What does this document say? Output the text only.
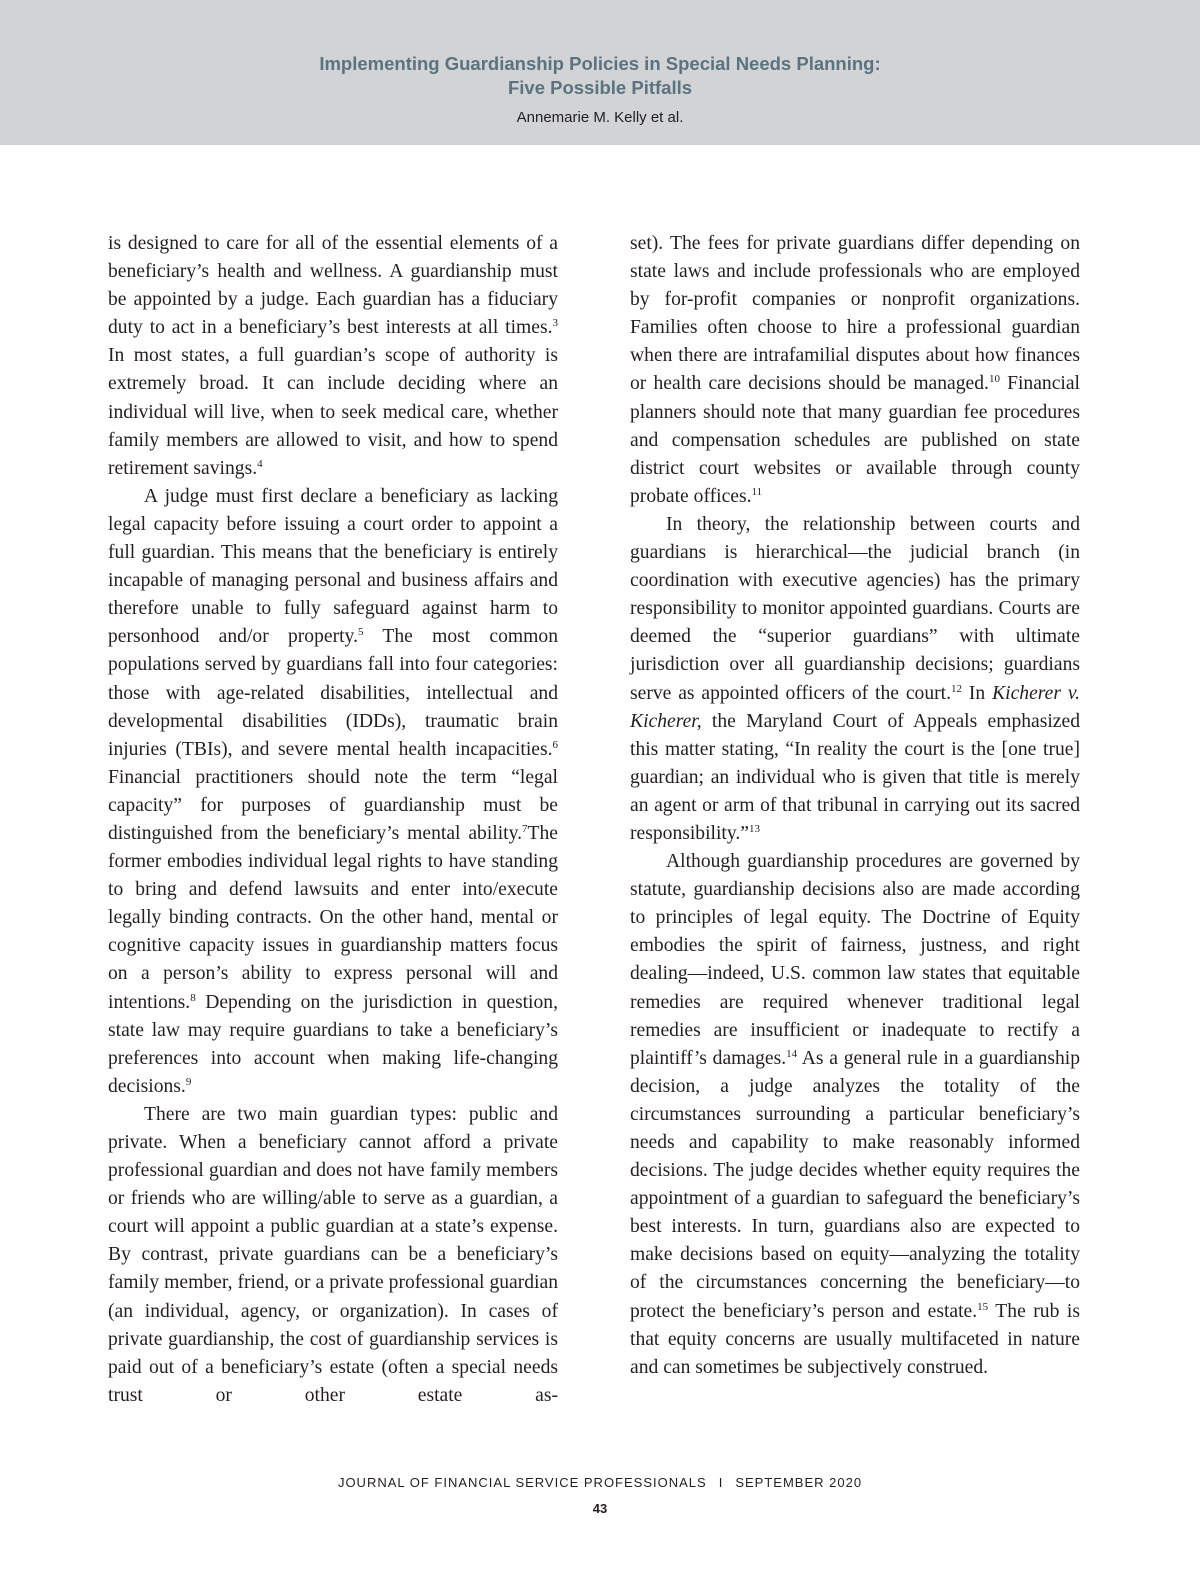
Implementing Guardianship Policies in Special Needs Planning:
Five Possible Pitfalls
Annemarie M. Kelly et al.

is designed to care for all of the essential elements of a beneficiary’s health and wellness. A guardianship must be appointed by a judge. Each guardian has a fiduciary duty to act in a beneficiary’s best interests at all times.$^3$ In most states, a full guardian’s scope of authority is extremely broad. It can include deciding where an individual will live, when to seek medical care, whether family members are allowed to visit, and how to spend retirement savings.$^4$

A judge must first declare a beneficiary as lacking legal capacity before issuing a court order to appoint a full guardian. This means that the beneficiary is entirely incapable of managing personal and business affairs and therefore unable to fully safeguard against harm to personhood and/or property.$^5$ The most common populations served by guardians fall into four categories: those with age-related disabilities, intellectual and developmental disabilities (IDDs), traumatic brain injuries (TBIs), and severe mental health incapacities.$^6$ Financial practitioners should note the term “legal capacity” for purposes of guardianship must be distinguished from the beneficiary’s mental ability.$^7$The former embodies individual legal rights to have standing to bring and defend lawsuits and enter into/execute legally binding contracts. On the other hand, mental or cognitive capacity issues in guardianship matters focus on a person’s ability to express personal will and intentions.$^8$ Depending on the jurisdiction in question, state law may require guardians to take a beneficiary’s preferences into account when making life-changing decisions.$^9$

There are two main guardian types: public and private. When a beneficiary cannot afford a private professional guardian and does not have family members or friends who are willing/able to serve as a guardian, a court will appoint a public guardian at a state’s expense. By contrast, private guardians can be a beneficiary’s family member, friend, or a private professional guardian (an individual, agency, or organization). In cases of private guardianship, the cost of guardianship services is paid out of a beneficiary’s estate (often a special needs trust or other estate as-

set). The fees for private guardians differ depending on state laws and include professionals who are employed by for-profit companies or nonprofit organizations. Families often choose to hire a professional guardian when there are intrafamilial disputes about how finances or health care decisions should be managed.$^{10}$ Financial planners should note that many guardian fee procedures and compensation schedules are published on state district court websites or available through county probate offices.$^{11}$

In theory, the relationship between courts and guardians is hierarchical—the judicial branch (in coordination with executive agencies) has the primary responsibility to monitor appointed guardians. Courts are deemed the “superior guardians” with ultimate jurisdiction over all guardianship decisions; guardians serve as appointed officers of the court.$^{12}$ In Kicherer v. Kicherer, the Maryland Court of Appeals emphasized this matter stating, “In reality the court is the [one true] guardian; an individual who is given that title is merely an agent or arm of that tribunal in carrying out its sacred responsibility.”$^{13}$

Although guardianship procedures are governed by statute, guardianship decisions also are made according to principles of legal equity. The Doctrine of Equity embodies the spirit of fairness, justness, and right dealing—indeed, U.S. common law states that equitable remedies are required whenever traditional legal remedies are insufficient or inadequate to rectify a plaintiff’s damages.$^{14}$ As a general rule in a guardianship decision, a judge analyzes the totality of the circumstances surrounding a particular beneficiary’s needs and capability to make reasonably informed decisions. The judge decides whether equity requires the appointment of a guardian to safeguard the beneficiary’s best interests. In turn, guardians also are expected to make decisions based on equity—analyzing the totality of the circumstances concerning the beneficiary—to protect the beneficiary’s person and estate.$^{15}$ The rub is that equity concerns are usually multifaceted in nature and can sometimes be subjectively construed.

JOURNAL OF FINANCIAL SERVICE PROFESSIONALS I SEPTEMBER 2020
43
